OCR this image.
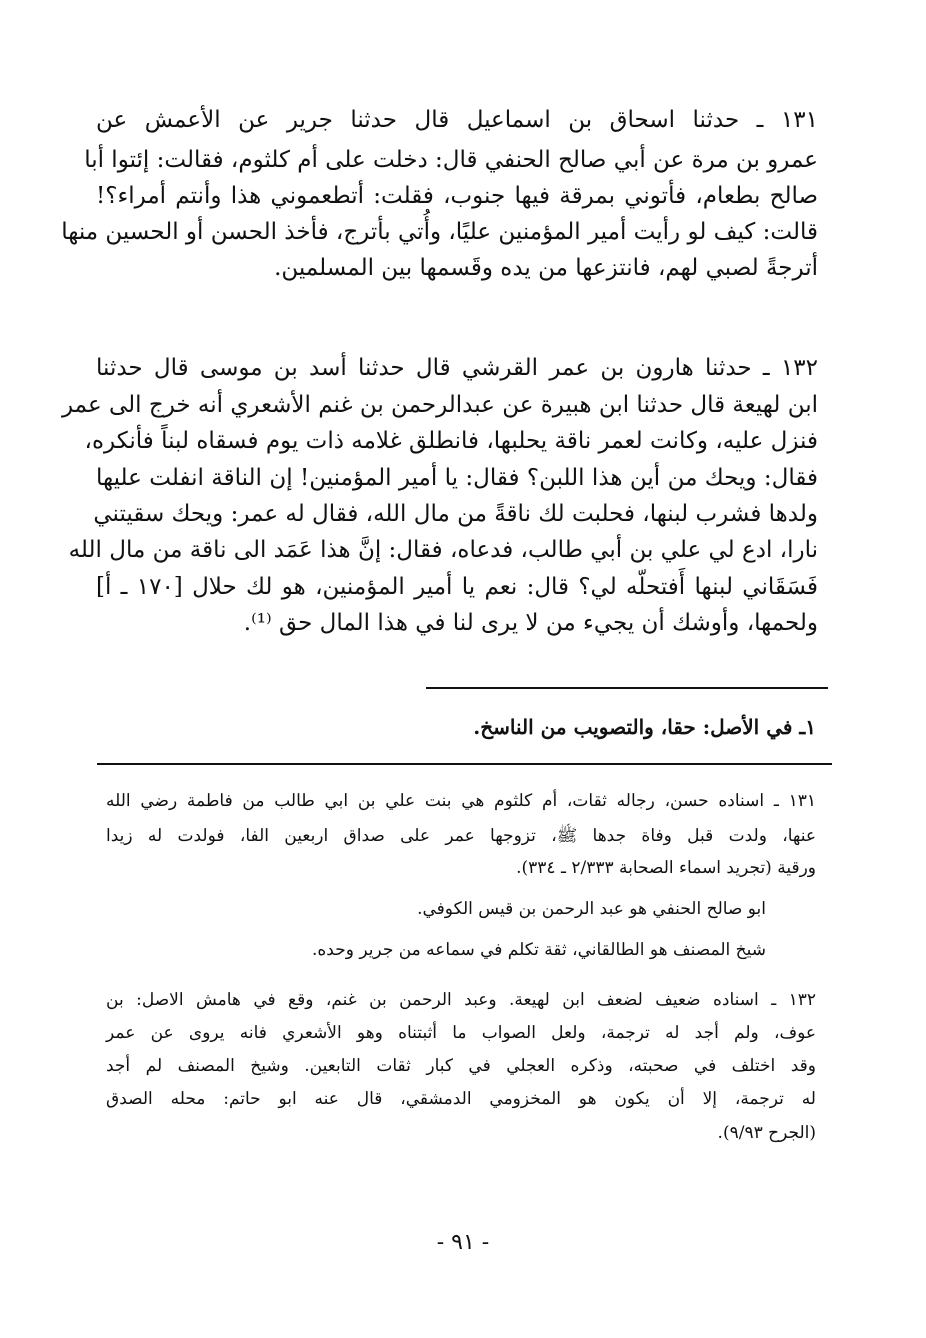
١٣١ ـ حدثنا اسحاق بن اسماعيل قال حدثنا جرير عن الأعمش عن
عمرو بن مرة عن أبي صالح الحنفي قال: دخلت على أم كلثوم، فقالت: إئتوا أبا
صالح بطعام، فأتوني بمرقة فيها جنوب، فقلت: أتطعموني هذا وأنتم أمراء؟!
قالت: كيف لو رأيت أمير المؤمنين عليًا، وأُتي بأترج، فأخذ الحسن أو الحسين منها
أترجةً لصبي لهم، فانتزعها من يده وقَسمها بين المسلمين.
١٣٢ ـ حدثنا هارون بن عمر القرشي قال حدثنا أسد بن موسى قال حدثنا
ابن لهيعة قال حدثنا ابن هبيرة عن عبدالرحمن بن غنم الأشعري أنه خرج الى عمر
فنزل عليه، وكانت لعمر ناقة يحلبها، فانطلق غلامه ذات يوم فسقاه لبناً فأنكره،
فقال: ويحك من أين هذا اللبن؟ فقال: يا أمير المؤمنين! إن الناقة انفلت عليها
ولدها فشرب لبنها، فحلبت لك ناقةً من مال الله، فقال له عمر: ويحك سقيتني
نارا، ادع لي علي بن أبي طالب، فدعاه، فقال: إنَّ هذا عَمَد الى ناقة من مال الله
فَسَقَاني لبنها أَفتحلّه لي؟ قال: نعم يا أمير المؤمنين، هو لك حلال [١٧٠ ـ أ]
ولحمها، وأوشك أن يجيء من لا يرى لنا في هذا المال حق ⁽¹⁾.
١ـ في الأصل: حقا، والتصويب من الناسخ.
١٣١ ـ اسناده حسن، رجاله ثقات، أم كلثوم هي بنت علي بن ابي طالب من فاطمة رضي الله
عنها، ولدت قبل وفاة جدها ﷺ، تزوجها عمر على صداق اربعين الفا، فولدت له زيدا
ورقية (تجريد اسماء الصحابة ٢/٣٣٣ ـ ٣٣٤).
ابو صالح الحنفي هو عبد الرحمن بن قيس الكوفي.
شيخ المصنف هو الطالقاني، ثقة تكلم في سماعه من جرير وحده.
١٣٢ ـ اسناده ضعيف لضعف ابن لهيعة. وعبد الرحمن بن غنم، وقع في هامش الاصل: بن
عوف، ولم أجد له ترجمة، ولعل الصواب ما أثبتناه وهو الأشعري فانه يروى عن عمر
وقد اختلف في صحبته، وذكره العجلي في كبار ثقات التابعين. وشيخ المصنف لم أجد
له ترجمة، إلا أن يكون هو المخزومي الدمشقي، قال عنه ابو حاتم: محله الصدق
(الجرح ٩/٩٣).
- ٩١ -
